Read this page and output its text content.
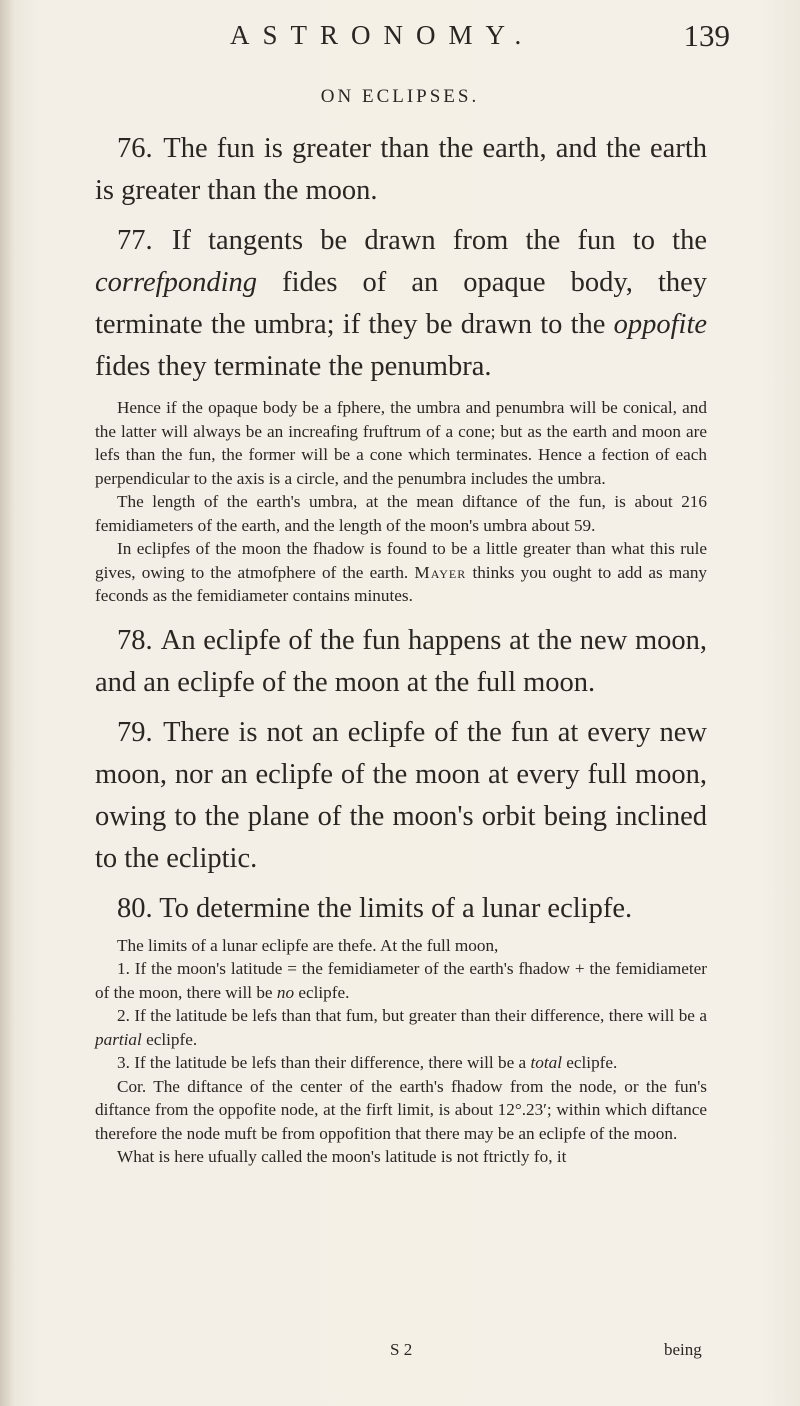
ASTRONOMY.	139
ON ECLIPSES.

76. The fun is greater than the earth, and the earth is greater than the moon.

77. If tangents be drawn from the fun to the correfponding fides of an opaque body, they terminate the umbra; if they be drawn to the oppofite fides they terminate the penumbra.

Hence if the opaque body be a fphere, the umbra and penumbra will be conical, and the latter will always be an increafing fruftrum of a cone; but as the earth and moon are lefs than the fun, the former will be a cone which terminates. Hence a fection of each perpendicular to the axis is a circle, and the penumbra includes the umbra.

The length of the earth's umbra, at the mean diftance of the fun, is about 216 femidiameters of the earth, and the length of the moon's umbra about 59.

In eclipfes of the moon the fhadow is found to be a little greater than what this rule gives, owing to the atmofphere of the earth. Mayer thinks you ought to add as many feconds as the femidiameter contains minutes.

78. An eclipfe of the fun happens at the new moon, and an eclipfe of the moon at the full moon.

79. There is not an eclipfe of the fun at every new moon, nor an eclipfe of the moon at every full moon, owing to the plane of the moon's orbit being inclined to the ecliptic.

80. To determine the limits of a lunar eclipfe.

The limits of a lunar eclipfe are thefe. At the full moon,

1. If the moon's latitude = the femidiameter of the earth's fhadow + the femidiameter of the moon, there will be no eclipfe.

2. If the latitude be lefs than that fum, but greater than their difference, there will be a partial eclipfe.

3. If the latitude be lefs than their difference, there will be a total eclipfe.

Cor. The diftance of the center of the earth's fhadow from the node, or the fun's diftance from the oppofite node, at the firft limit, is about 12°.23′; within which diftance therefore the node muft be from oppofition that there may be an eclipfe of the moon.

What is here ufually called the moon's latitude is not ftrictly fo, it

S 2	being
